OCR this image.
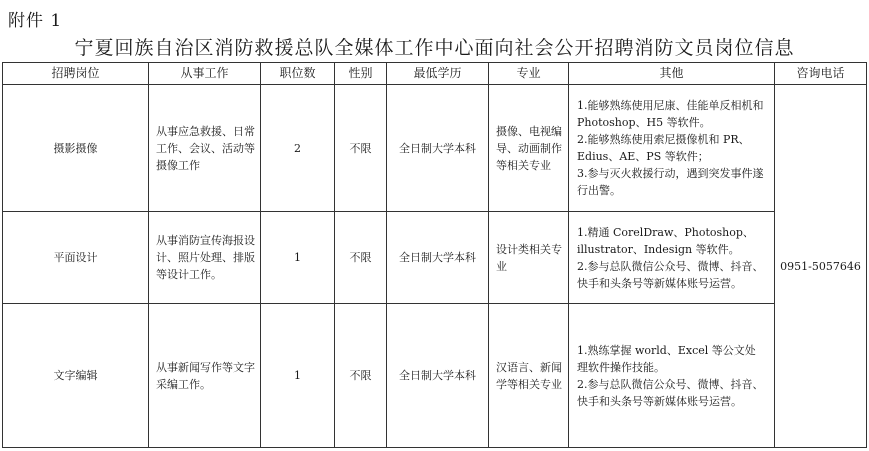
附件 1
宁夏回族自治区消防救援总队全媒体工作中心面向社会公开招聘消防文员岗位信息
招聘岗位	从事工作	职位数	性别	最低学历	专业	其他	咨询电话
摄影摄像	从事应急救援、日常工作、会议、活动等摄像工作	2	不限	全日制大学本科	摄像、电视编导、动画制作等相关专业	1.能够熟练使用尼康、佳能单反相机和 Photoshop、H5 等软件。
2.能够熟练使用索尼摄像机和 PR、Edius、AE、PS 等软件；
3.参与灭火救援行动，遇到突发事件遂行出警。	0951-5057646
平面设计	从事消防宣传海报设计、照片处理、排版等设计工作。	1	不限	全日制大学本科	设计类相关专业	1.精通 CorelDraw、Photoshop、illustrator、Indesign 等软件。
2.参与总队微信公众号、微博、抖音、快手和头条号等新媒体账号运营。	

文字编辑	从事新闻写作等文字采编工作。	1	不限	全日制大学本科	汉语言、新闻学等相关专业	1.熟练掌握 world、Excel 等公文处理软件操作技能。
2.参与总队微信公众号、微博、抖音、快手和头条号等新媒体账号运营。	
